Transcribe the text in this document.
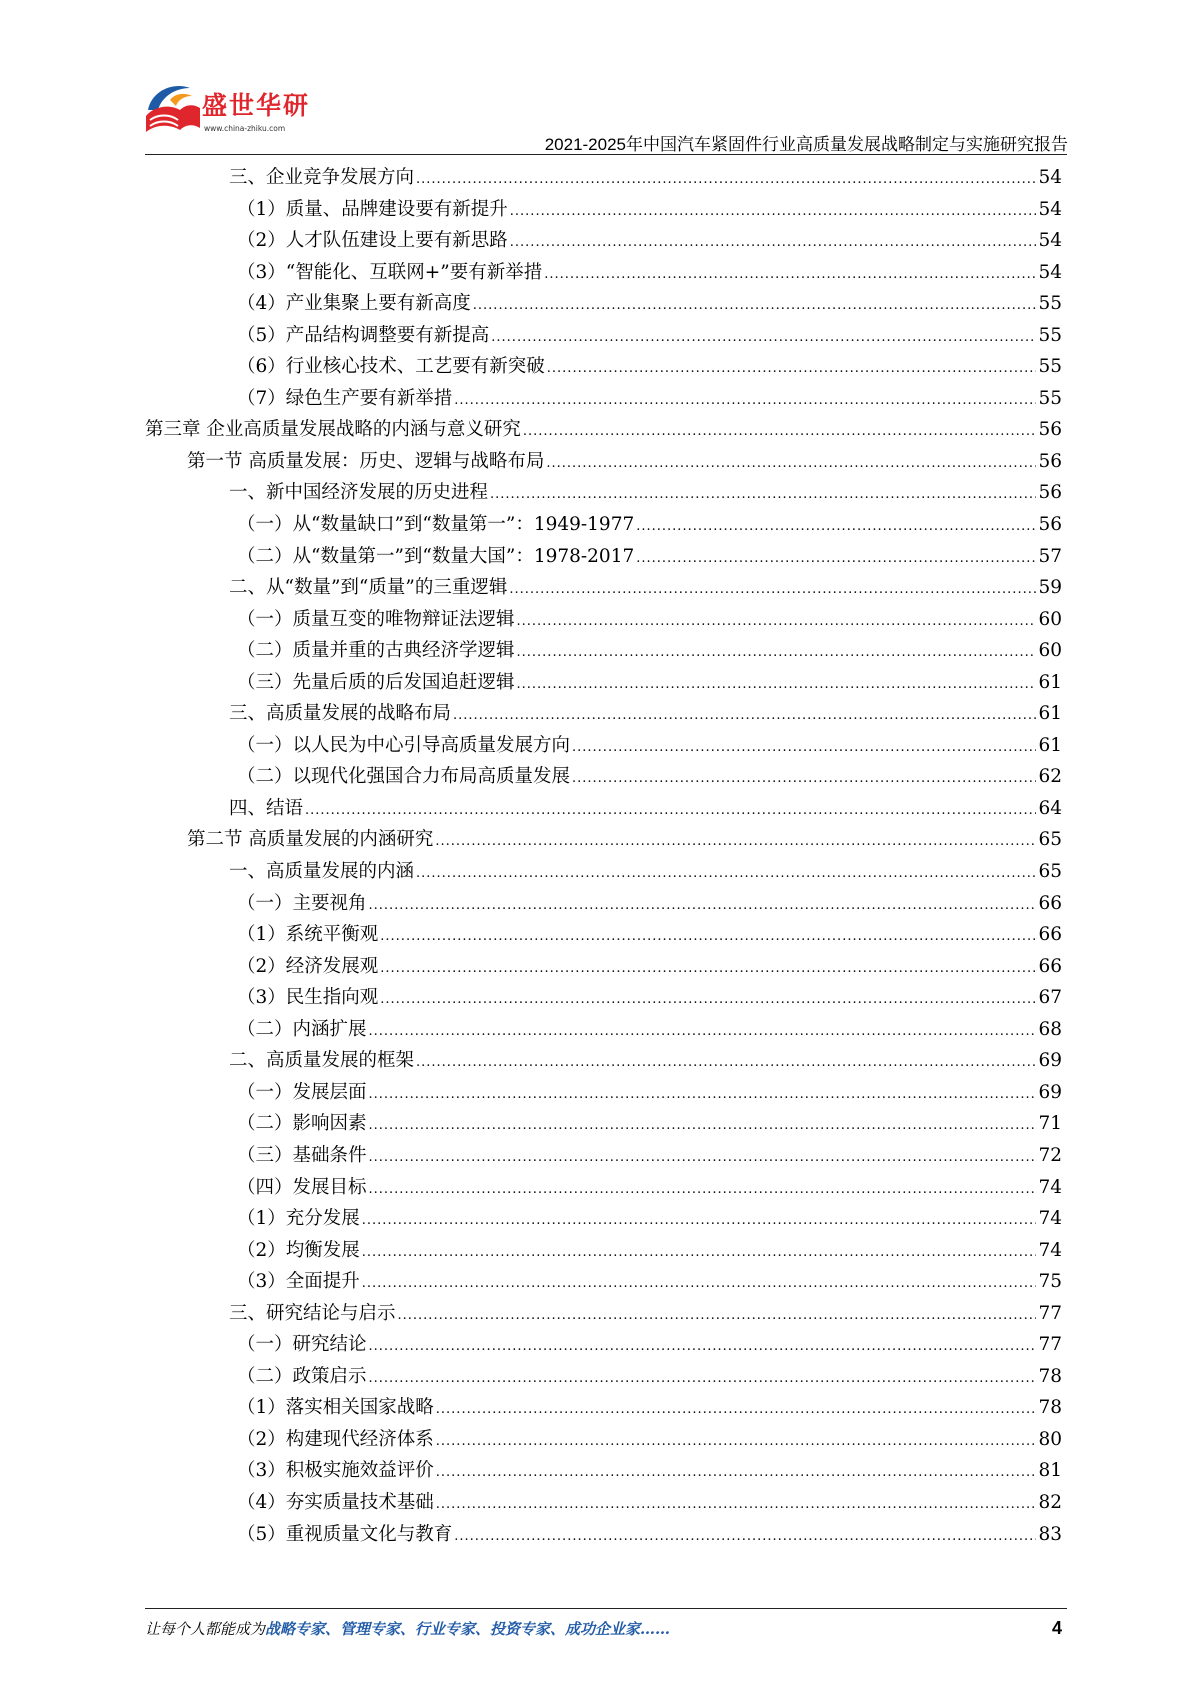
盛世华研
www.china-zhiku.com
2021-2025年中国汽车紧固件行业高质量发展战略制定与实施研究报告
三、企业竞争发展方向 .....	54
（1）质量、品牌建设要有新提升 .....	54
（2）人才队伍建设上要有新思路 .....	54
（3）“智能化、互联网+”要有新举措 .....	54
（4）产业集聚上要有新高度 .....	55
（5）产品结构调整要有新提高 .....	55
（6）行业核心技术、工艺要有新突破 .....	55
（7）绿色生产要有新举措 .....	55
第三章 企业高质量发展战略的内涵与意义研究 .....	56
第一节 高质量发展：历史、逻辑与战略布局 .....	56
一、新中国经济发展的历史进程 .....	56
（一）从“数量缺口”到“数量第一”：1949-1977 .....	56
（二）从“数量第一”到“数量大国”：1978-2017 .....	57
二、从“数量”到“质量”的三重逻辑 .....	59
（一）质量互变的唯物辩证法逻辑 .....	60
（二）质量并重的古典经济学逻辑 .....	60
（三）先量后质的后发国追赶逻辑 .....	61
三、高质量发展的战略布局 .....	61
（一）以人民为中心引导高质量发展方向 .....	61
（二）以现代化强国合力布局高质量发展 .....	62
四、结语 .....	64
第二节 高质量发展的内涵研究 .....	65
一、高质量发展的内涵 .....	65
（一）主要视角 .....	66
（1）系统平衡观 .....	66
（2）经济发展观 .....	66
（3）民生指向观 .....	67
（二）内涵扩展 .....	68
二、高质量发展的框架 .....	69
（一）发展层面 .....	69
（二）影响因素 .....	71
（三）基础条件 .....	72
（四）发展目标 .....	74
（1）充分发展 .....	74
（2）均衡发展 .....	74
（3）全面提升 .....	75
三、研究结论与启示 .....	77
（一）研究结论 .....	77
（二）政策启示 .....	78
（1）落实相关国家战略 .....	78
（2）构建现代经济体系 .....	80
（3）积极实施效益评价 .....	81
（4）夯实质量技术基础 .....	82
（5）重视质量文化与教育 .....	83
让每个人都能成为战略专家、管理专家、行业专家、投资专家、成功企业家……	4
